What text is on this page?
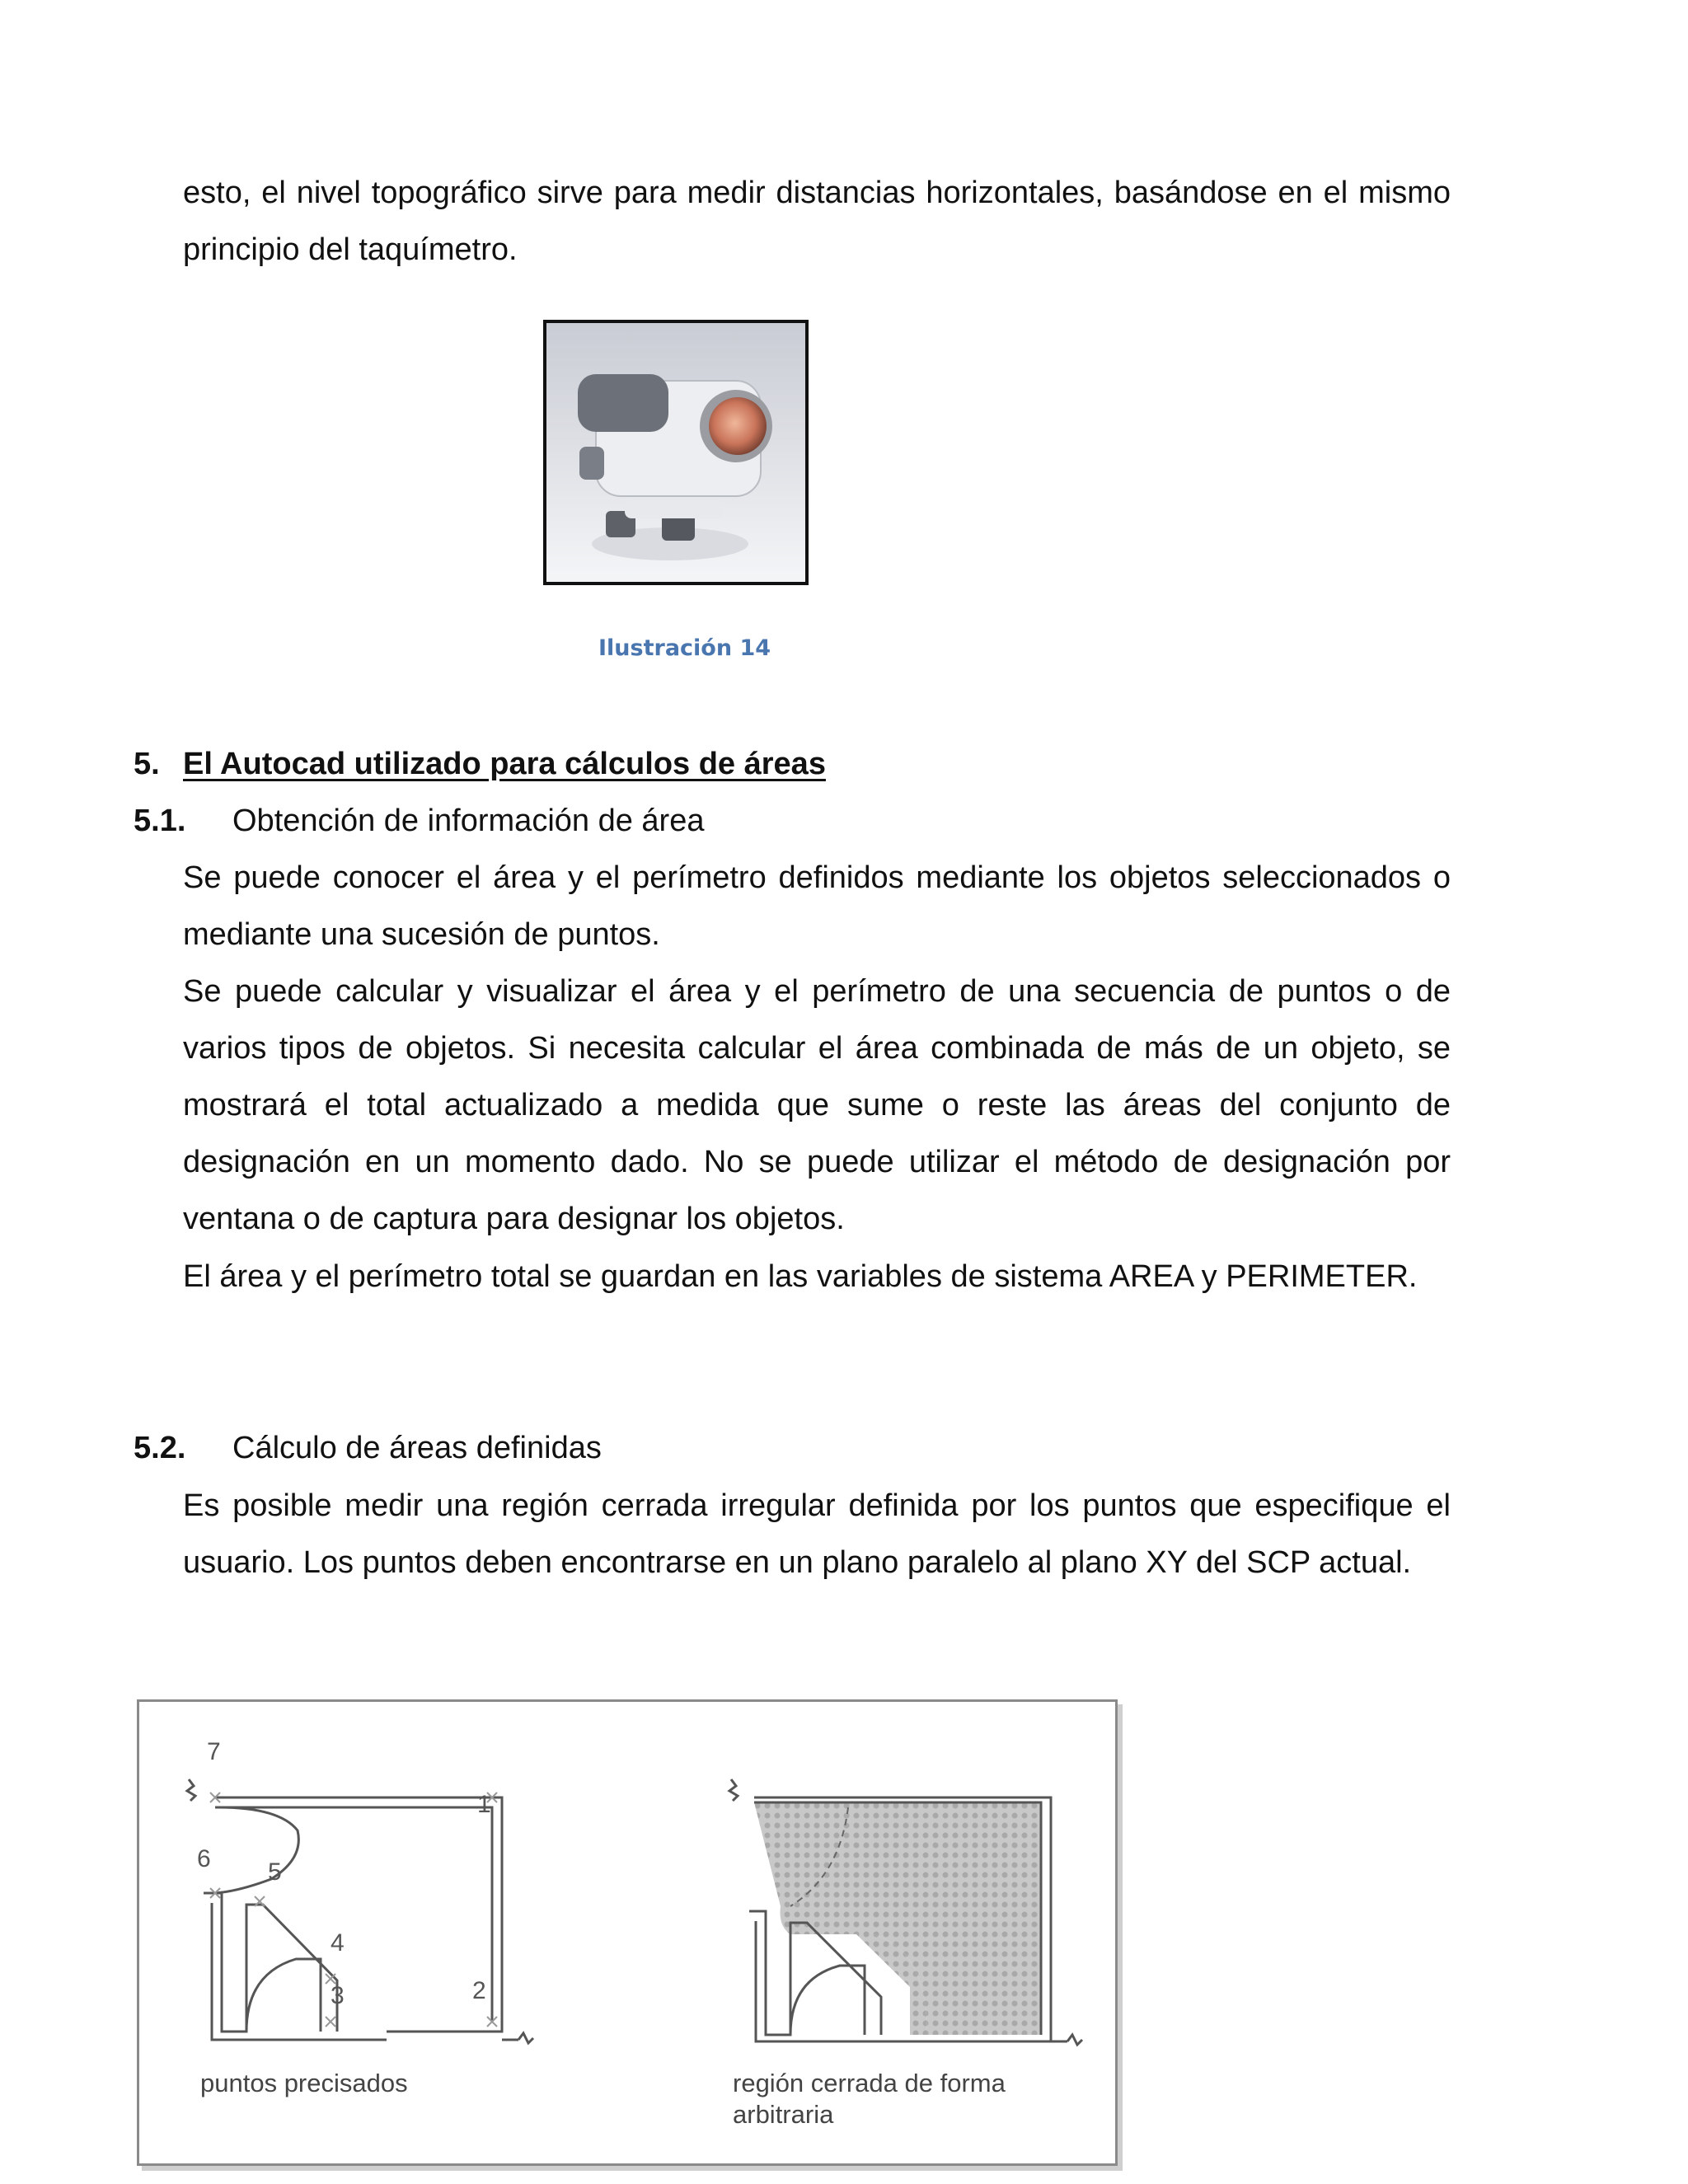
esto, el nivel topográfico sirve para medir distancias horizontales, basándose en el mismo principio del taquímetro.

Ilustración 14

5. El Autocad utilizado para cálculos de áreas

5.1. Obtención de información de área

Se puede conocer el área y el perímetro definidos mediante los objetos seleccionados o mediante una sucesión de puntos.

Se puede calcular y visualizar el área y el perímetro de una secuencia de puntos o de varios tipos de objetos. Si necesita calcular el área combinada de más de un objeto, se mostrará el total actualizado a medida que sume o reste las áreas del conjunto de designación en un momento dado. No se puede utilizar el método de designación por ventana o de captura para designar los objetos.

El área y el perímetro total se guardan en las variables de sistema AREA y PERIMETER.

5.2. Cálculo de áreas definidas

Es posible medir una región cerrada irregular definida por los puntos que especifique el usuario. Los puntos deben encontrarse en un plano paralelo al plano XY del SCP actual.

1
2
3
4
5
6
7
puntos precisados	región cerrada de forma arbitraria
